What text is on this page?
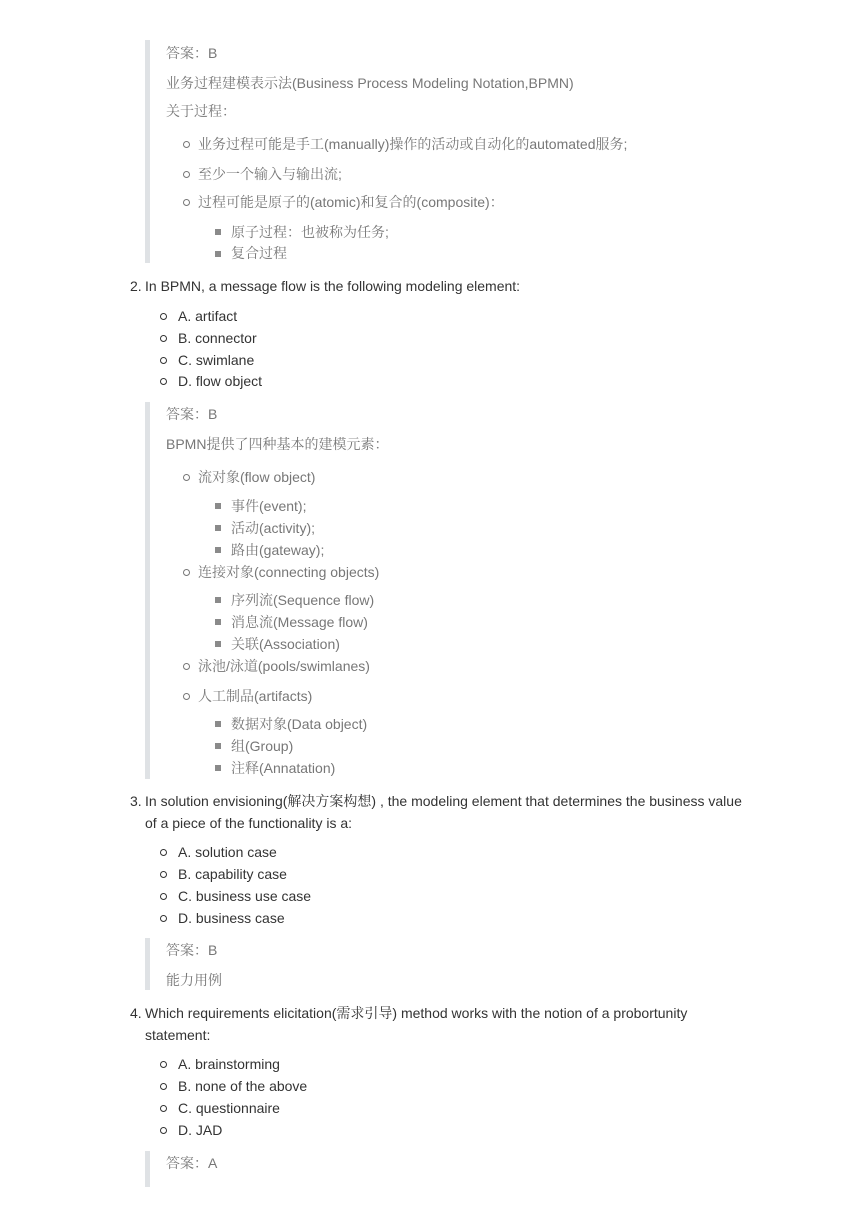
答案：B
业务过程建模表示法(Business Process Modeling Notation,BPMN)
关于过程：
业务过程可能是手工(manually)操作的活动或自动化的automated服务;
至少一个输入与输出流;
过程可能是原子的(atomic)和复合的(composite)：
原子过程：也被称为任务;
复合过程
2. In BPMN, a message flow is the following modeling element:
A. artifact
B. connector
C. swimlane
D. flow object
答案：B
BPMN提供了四种基本的建模元素：
流对象(flow object)
事件(event);
活动(activity);
路由(gateway);
连接对象(connecting objects)
序列流(Sequence flow)
消息流(Message flow)
关联(Association)
泳池/泳道(pools/swimlanes)
人工制品(artifacts)
数据对象(Data object)
组(Group)
注释(Annatation)
3. In solution envisioning(解决方案构想) , the modeling element that determines the business value of a piece of the functionality is a:
A. solution case
B. capability case
C. business use case
D. business case
答案：B
能力用例
4. Which requirements elicitation(需求引导) method works with the notion of a probortunity statement:
A. brainstorming
B. none of the above
C. questionnaire
D. JAD
答案：A
